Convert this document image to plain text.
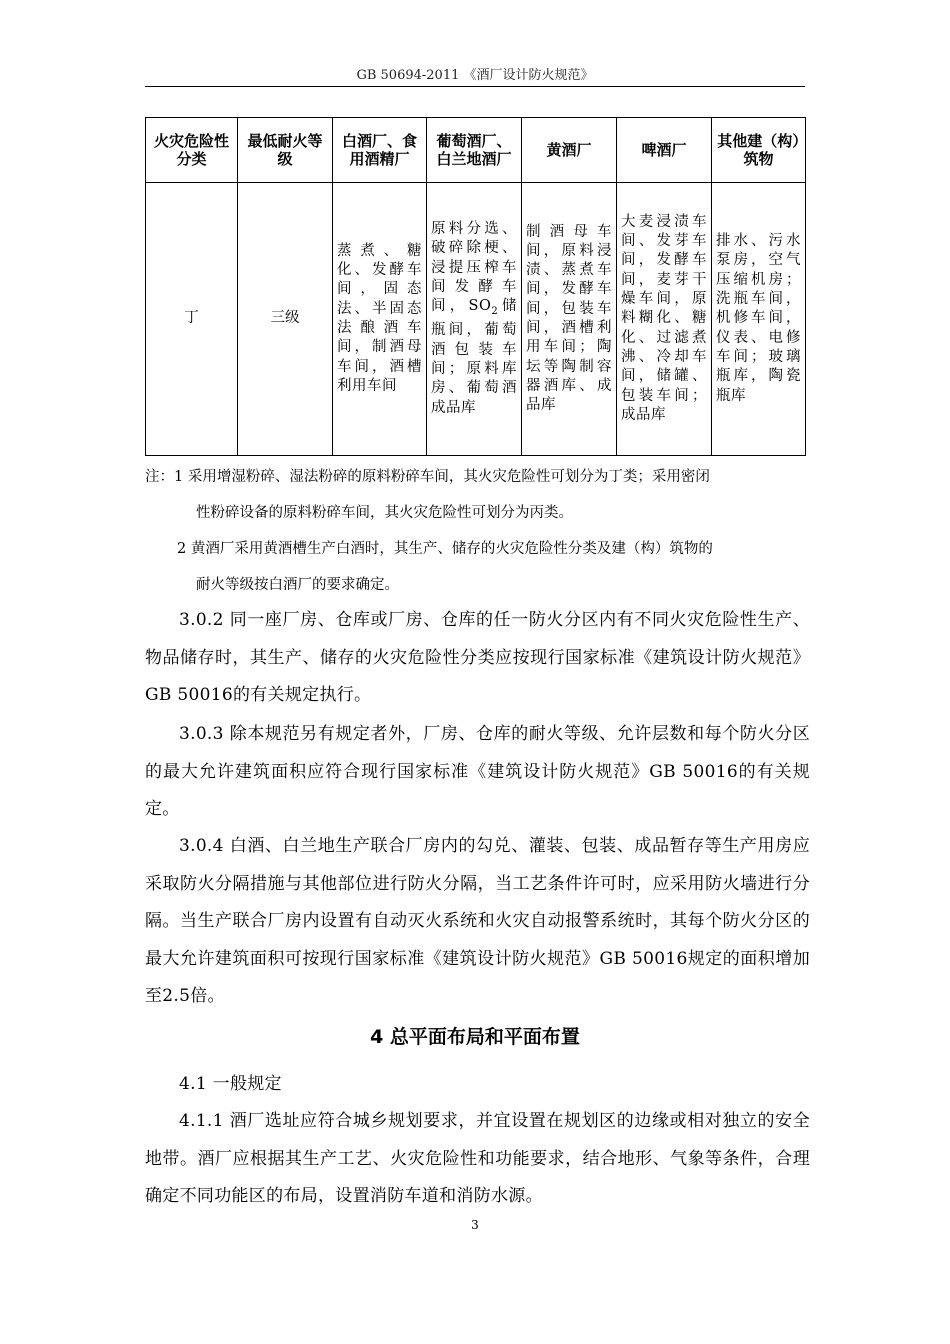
GB 50694-2011 《酒厂设计防火规范》
火灾危险性分类	最低耐火等级	白酒厂、食用酒精厂	葡萄酒厂、白兰地酒厂	黄酒厂	啤酒厂	其他建（构）筑物
丁	三级	蒸煮、糖化、发酵车间，固态法、半固态法酿酒车间，制酒母车间，酒槽利用车间	原料分选、破碎除梗、浸提压榨车间发酵车间，$SO_2$储瓶间，葡萄酒包装车间；原料库房、葡萄酒成品库	制酒母车间，原料浸渍、蒸煮车间，发酵车间，包装车间，酒槽利用车间；陶坛等陶制容器酒库、成品库	大麦浸渍车间、发芽车间，发酵车间，麦芽干燥车间，原料糊化、糖化、过滤煮沸、冷却车间，储罐、包装车间；成品库	排水、污水泵房，空气压缩机房；洗瓶车间，机修车间，仪表、电修车间；玻璃瓶库，陶瓷瓶库
注：1 采用增湿粉碎、湿法粉碎的原料粉碎车间，其火灾危险性可划分为丁类；采用密闭
性粉碎设备的原料粉碎车间，其火灾危险性可划分为丙类。
2 黄酒厂采用黄酒槽生产白酒时，其生产、储存的火灾危险性分类及建（构）筑物的
耐火等级按白酒厂的要求确定。
3.0.2 同一座厂房、仓库或厂房、仓库的任一防火分区内有不同火灾危险性生产、物品储存时，其生产、储存的火灾危险性分类应按现行国家标准《建筑设计防火规范》GB 50016的有关规定执行。
3.0.3 除本规范另有规定者外，厂房、仓库的耐火等级、允许层数和每个防火分区的最大允许建筑面积应符合现行国家标准《建筑设计防火规范》GB 50016的有关规定。
3.0.4 白酒、白兰地生产联合厂房内的勾兑、灌装、包装、成品暂存等生产用房应采取防火分隔措施与其他部位进行防火分隔，当工艺条件许可时，应采用防火墙进行分隔。当生产联合厂房内设置有自动灭火系统和火灾自动报警系统时，其每个防火分区的最大允许建筑面积可按现行国家标准《建筑设计防火规范》GB 50016规定的面积增加至2.5倍。
4 总平面布局和平面布置
4.1 一般规定
4.1.1 酒厂选址应符合城乡规划要求，并宜设置在规划区的边缘或相对独立的安全地带。酒厂应根据其生产工艺、火灾危险性和功能要求，结合地形、气象等条件，合理确定不同功能区的布局，设置消防车道和消防水源。
3
